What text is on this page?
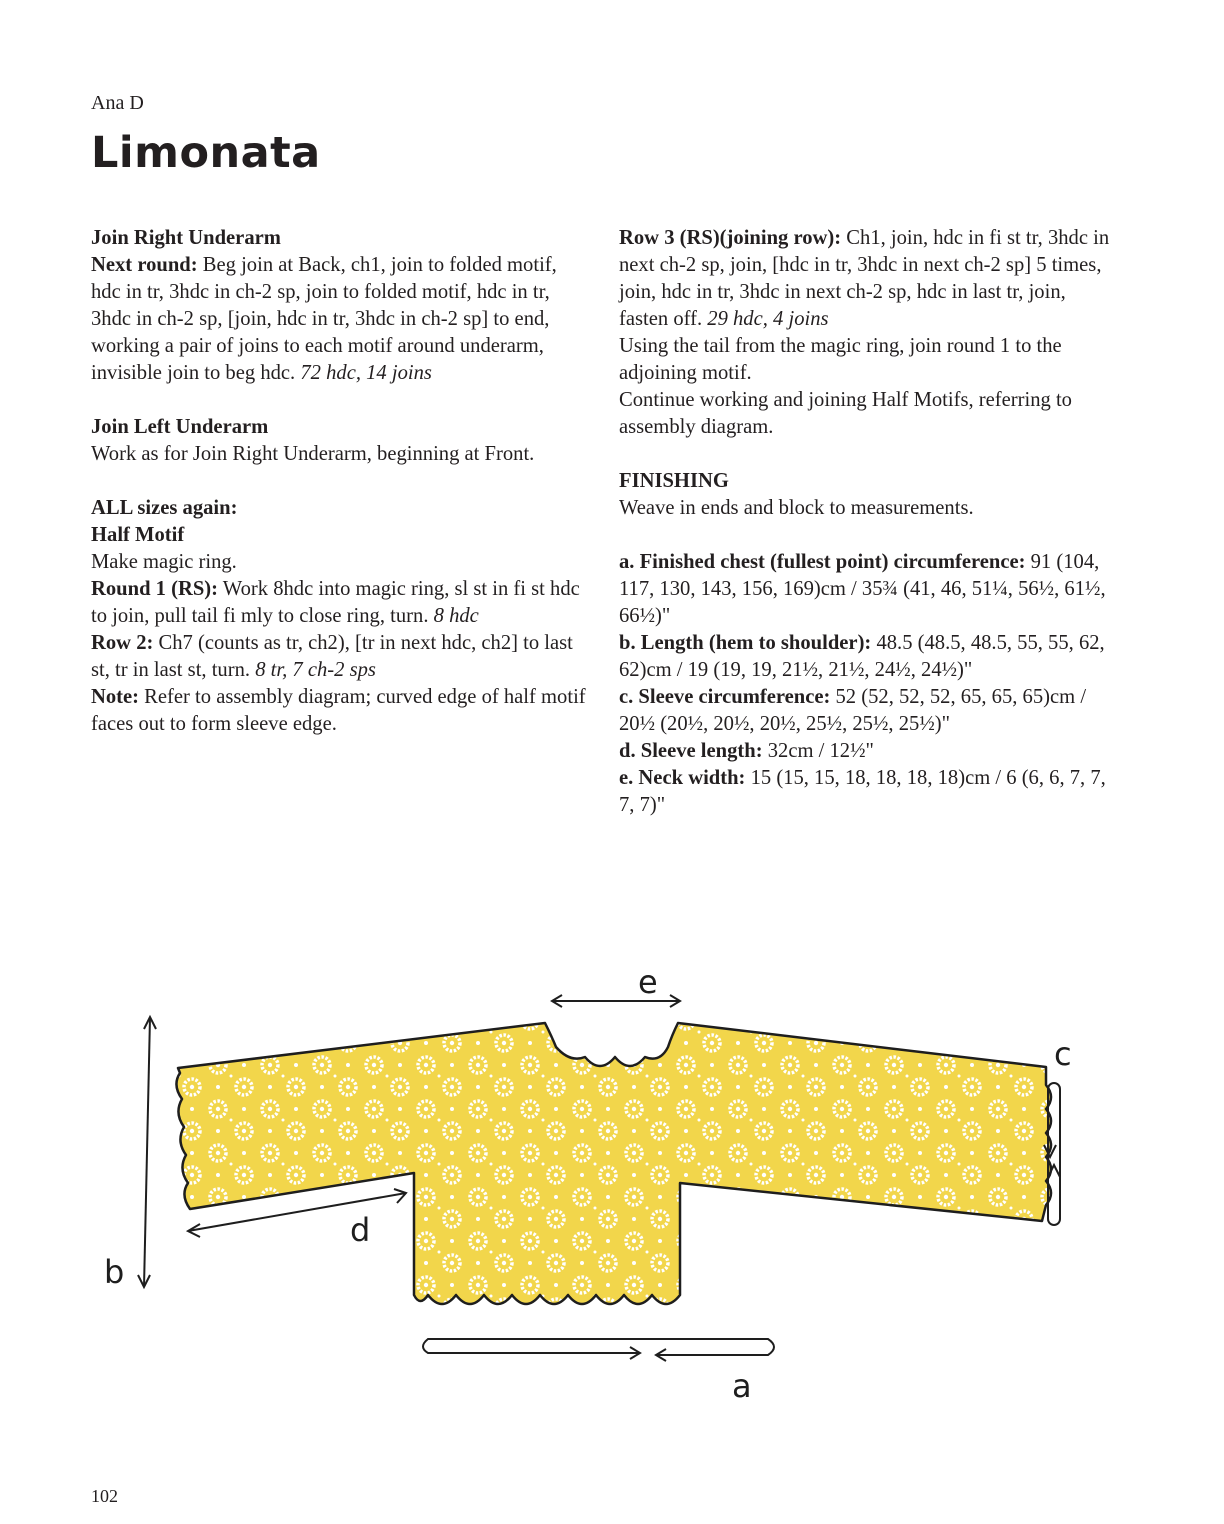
Ana D
Limonata

Join Right Underarm

Next round: Beg join at Back, ch1, join to folded motif, hdc in tr, 3hdc in ch-2 sp, join to folded motif, hdc in tr, 3hdc in ch-2 sp, [join, hdc in tr, 3hdc in ch-2 sp] to end, working a pair of joins to each motif around underarm, invisible join to beg hdc. 72 hdc, 14 joins

Join Left Underarm

Work as for Join Right Underarm, beginning at Front.

ALL sizes again:

Half Motif

Make magic ring.

Round 1 (RS): Work 8hdc into magic ring, sl st in fi st hdc to join, pull tail fi mly to close ring, turn. 8 hdc

Row 2: Ch7 (counts as tr, ch2), [tr in next hdc, ch2] to last st, tr in last st, turn. 8 tr, 7 ch-2 sps

Note: Refer to assembly diagram; curved edge of half motif faces out to form sleeve edge.

Row 3 (RS)(joining row): Ch1, join, hdc in fi st tr, 3hdc in next ch-2 sp, join, [hdc in tr, 3hdc in next ch-2 sp] 5 times, join, hdc in tr, 3hdc in next ch-2 sp, hdc in last tr, join, fasten off. 29 hdc, 4 joins

Using the tail from the magic ring, join round 1 to the adjoining motif.

Continue working and joining Half Motifs, referring to assembly diagram.

FINISHING

Weave in ends and block to measurements.

a. Finished chest (fullest point) circumference: 91 (104, 117, 130, 143, 156, 169)cm / 35¾ (41, 46, 51¼, 56½, 61½, 66½)"

b. Length (hem to shoulder): 48.5 (48.5, 48.5, 55, 55, 62, 62)cm / 19 (19, 19, 21½, 21½, 24½, 24½)"

c. Sleeve circumference: 52 (52, 52, 52, 65, 65, 65)cm / 20½ (20½, 20½, 20½, 25½, 25½, 25½)"

d. Sleeve length: 32cm / 12½"

e. Neck width: 15 (15, 15, 18, 18, 18, 18)cm / 6 (6, 6, 7, 7, 7, 7)"

e
b
c
d
a
102
